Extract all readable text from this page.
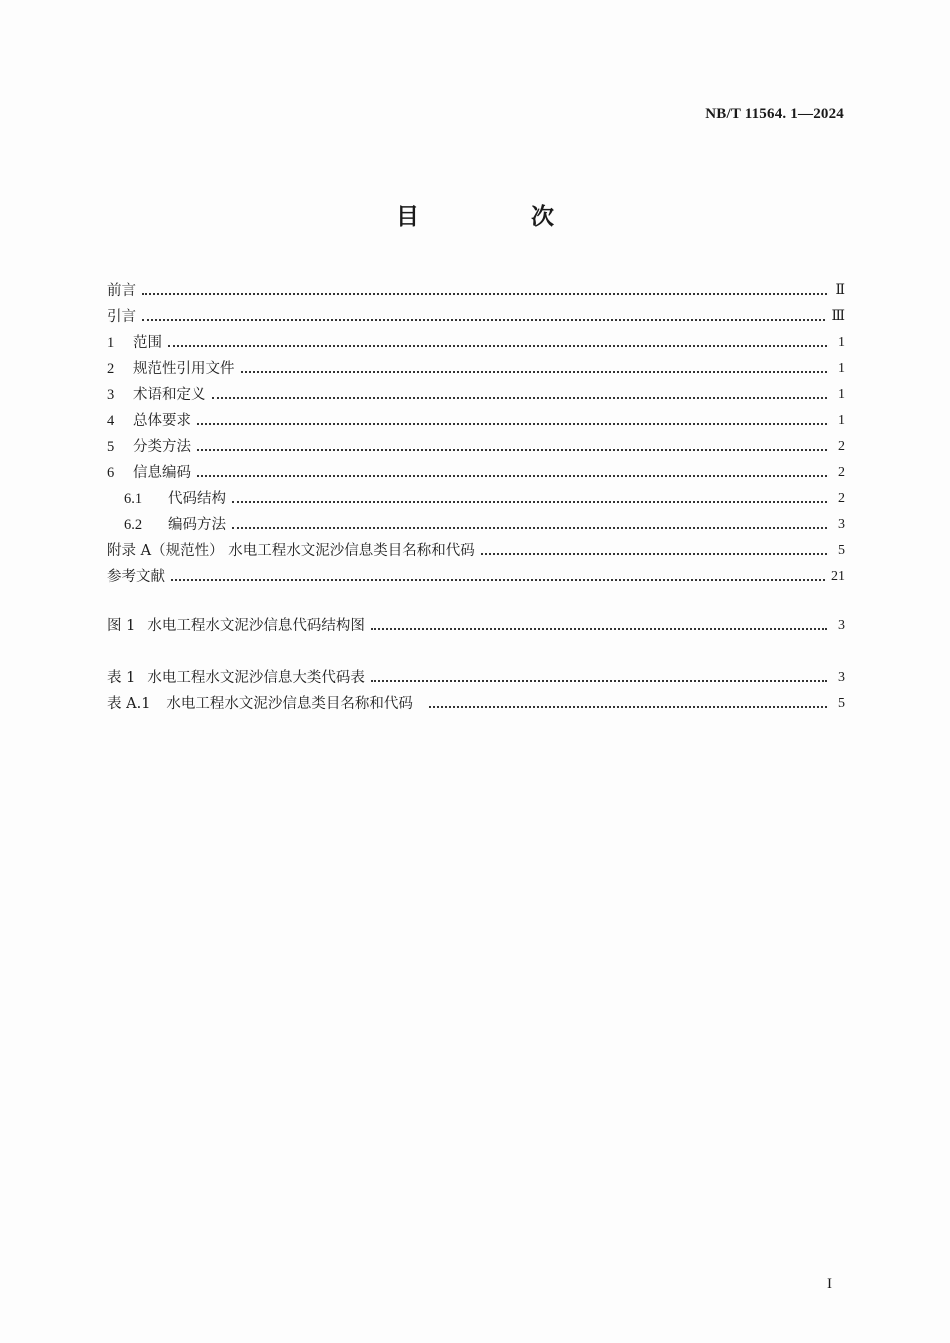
NB/T 11564. 1—2024
目 次
前言	Ⅱ
引言	Ⅲ
1 范围	1
2 规范性引用文件	1
3 术语和定义	1
4 总体要求	1
5 分类方法	2
6 信息编码	2
6.1 代码结构	2
6.2 编码方法	3
附录 A（规范性） 水电工程水文泥沙信息类目名称和代码	5
参考文献	21
图 1 水电工程水文泥沙信息代码结构图	3
表 1 水电工程水文泥沙信息大类代码表	3
表 A.1 水电工程水文泥沙信息类目名称和代码	5
I
